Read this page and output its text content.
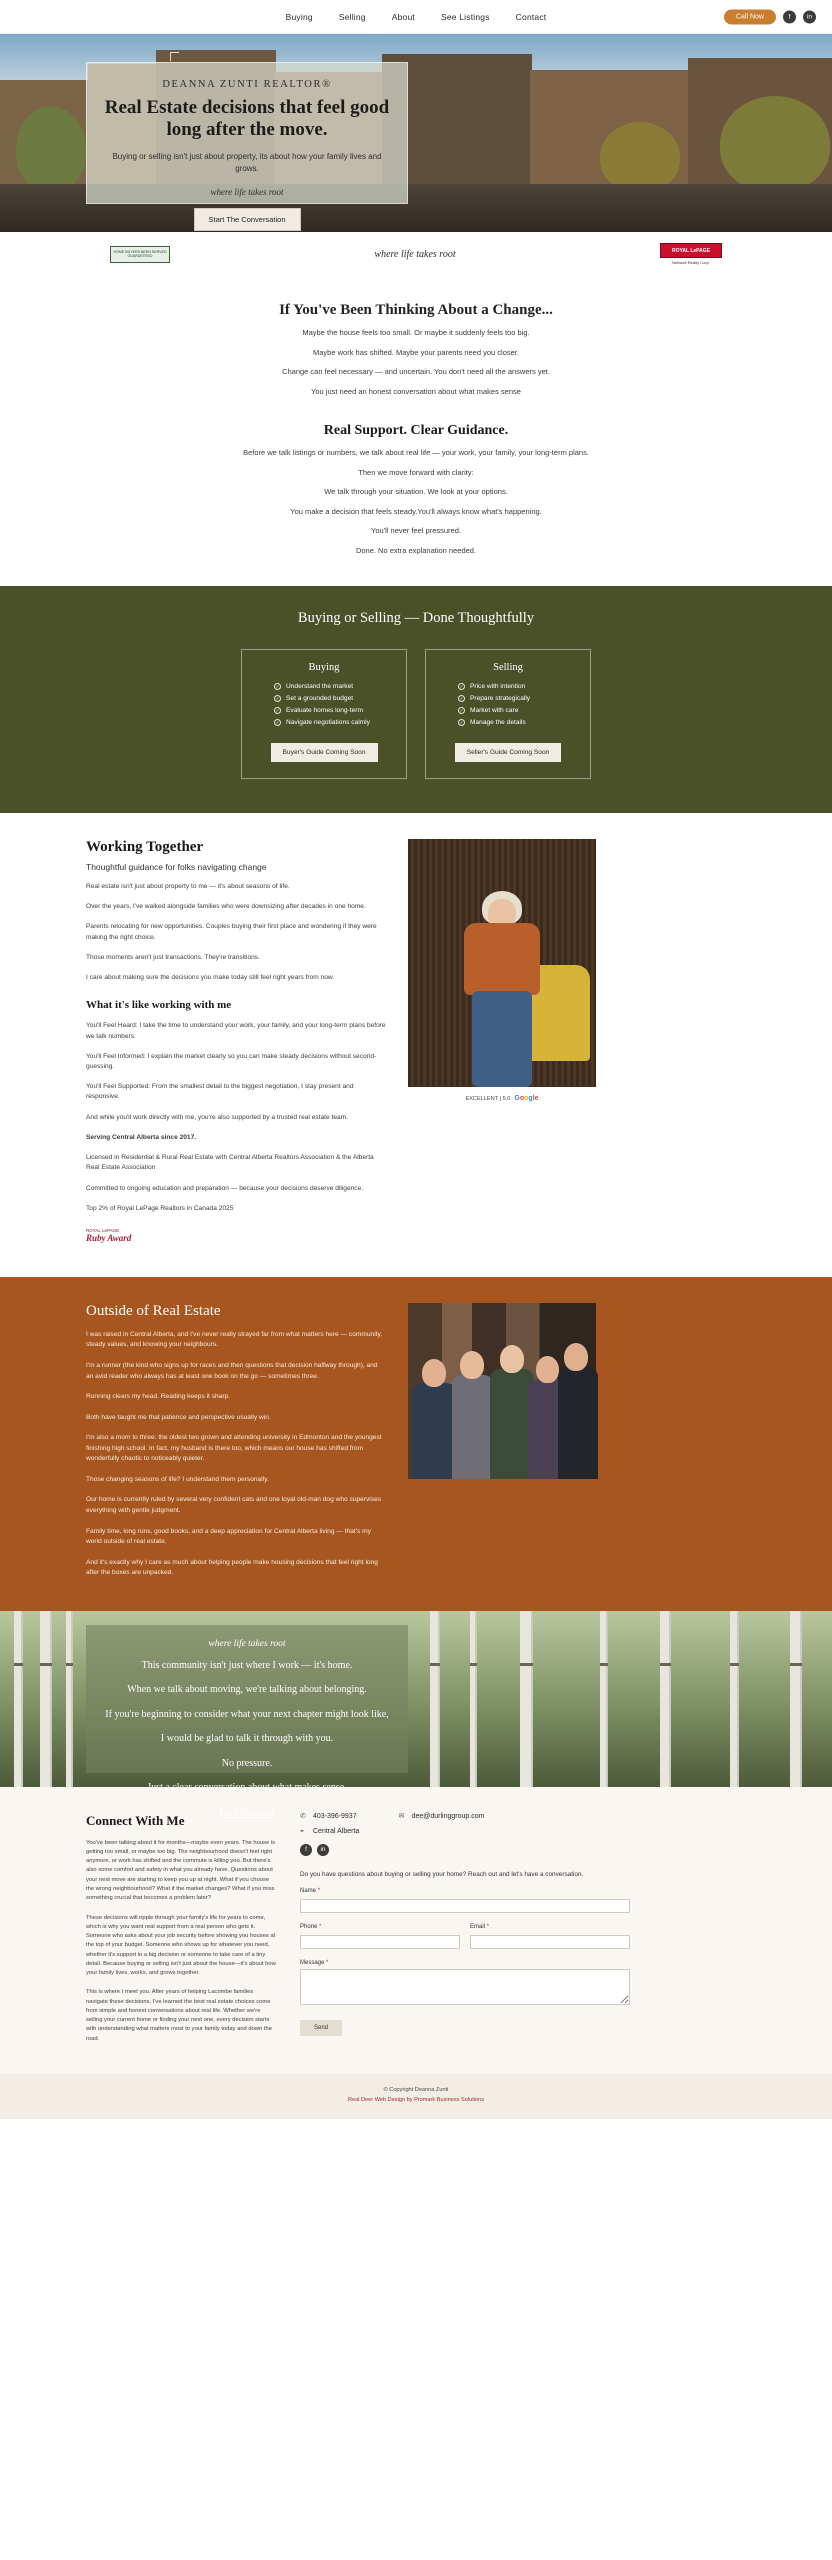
Buying	Selling	About	See Listings	Contact	Call Now	f	in
DEANNA ZUNTI REALTOR®
Real Estate decisions that feel good long after the move.
Buying or selling isn't just about property, its about how your family lives and grows.
where life takes root
Start The Conversation
HOME BUYERS BEEN SERVED GUARANTEED	where life takes root	ROYAL LePAGE
Network Realty Corp.
If You've Been Thinking About a Change...

Maybe the house feels too small. Or maybe it suddenly feels too big.

Maybe work has shifted. Maybe your parents need you closer.

Change can feel necessary — and uncertain. You don't need all the answers yet.

You just need an honest conversation about what makes sense

Real Support. Clear Guidance.

Before we talk listings or numbers, we talk about real life — your work, your family, your long-term plans.

Then we move forward with clarity:

We talk through your situation. We look at your options.

You make a decision that feels steady.You'll always know what's happening.

You'll never feel pressured.

Done. No extra explanation needed.

Buying or Selling — Done Thoughtfully
Buying
✓ Understand the market
✓ Set a grounded budget
✓ Evaluate homes long-term
✓ Navigate negotiations calmly
Buyer's Guide Coming Soon
Selling
✓ Price with intention
✓ Prepare strategically
✓ Market with care
✓ Manage the details
Seller's Guide Coming Soon
Working Together
Thoughtful guidance for folks navigating change

Real estate isn't just about property to me — it's about seasons of life.

Over the years, I've walked alongside families who were downsizing after decades in one home.

Parents relocating for new opportunities. Couples buying their first place and wondering if they were making the right choice.

Those moments aren't just transactions. They're transitions.

I care about making sure the decisions you make today still feel right years from now.

What it's like working with me

You'll Feel Heard: I take the time to understand your work, your family, and your long-term plans before we talk numbers.

You'll Feel Informed: I explain the market clearly so you can make steady decisions without second-guessing.

You'll Feel Supported: From the smallest detail to the biggest negotiation, I stay present and responsive.

And while you'll work directly with me, you're also supported by a trusted real estate team.

Serving Central Alberta since 2017.

Licensed in Residential & Rural Real Estate with Central Alberta Realtors Association & the Alberta Real Estate Association

Committed to ongoing education and preparation — because your decisions deserve diligence.

Top 2% of Royal LePage Realtors in Canada 2025

ROYAL LePAGE
Ruby Award
EXCELLENT | 5.0 Google
Outside of Real Estate

I was raised in Central Alberta, and I've never really strayed far from what matters here — community, steady values, and knowing your neighbours.

I'm a runner (the kind who signs up for races and then questions that decision halfway through), and an avid reader who always has at least one book on the go — sometimes three.

Running clears my head. Reading keeps it sharp.

Both have taught me that patience and perspective usually win.

I'm also a mom to three: the oldest two grown and attending university in Edmonton and the youngest finishing high school. In fact, my husband is there too, which means our house has shifted from wonderfully chaotic to noticeably quieter.

Those changing seasons of life? I understand them personally.

Our home is currently ruled by several very confident cats and one loyal old-man dog who supervises everything with gentle judgment.

Family time, long runs, good books, and a deep appreciation for Central Alberta living — that's my world outside of real estate.

And it's exactly why I care as much about helping people make housing decisions that feel right long after the boxes are unpacked.

where life takes root

This community isn't just where I work — it's home.

When we talk about moving, we're talking about belonging.

If you're beginning to consider what your next chapter might look like,

I would be glad to talk it through with you.

No pressure.

Just a clear conversation about what makes sense.

Let's Connect
Connect With Me

You've been talking about it for months—maybe even years. The house is getting too small, or maybe too big. The neighbourhood doesn't feel right anymore, or work has shifted and the commute is killing you. But there's also some comfort and safety in what you already have. Questions about your next move are starting to keep you up at night. What if you choose the wrong neighbourhood? What if the market changes? What if you miss something crucial that becomes a problem later?

These decisions will ripple through your family's life for years to come, which is why you want real support from a real person who gets it. Someone who asks about your job security before showing you houses at the top of your budget. Someone who shows up for whatever you need, whether it's support in a big decision or someone to take care of a tiny detail. Because buying or selling isn't just about the house—it's about how your family lives, works, and grows together.

This is where I meet you. After years of helping Lacombe families navigate these decisions, I've learned the best real estate choices come from simple and honest conversations about real life. Whether we're selling your current home or finding your next one, every decision starts with understanding what matters most to your family today and down the road.

✆	403-396-9937	✉	dee@durlinggroup.com
⌖	Central Alberta
f	in
Do you have questions about buying or selling your home? Reach out and let's have a conversation.
Name *
Phone *	Email *
Message *
Send
© Copyright Deanna Zunti
Real Deer Web Design by Promark Business Solutions
